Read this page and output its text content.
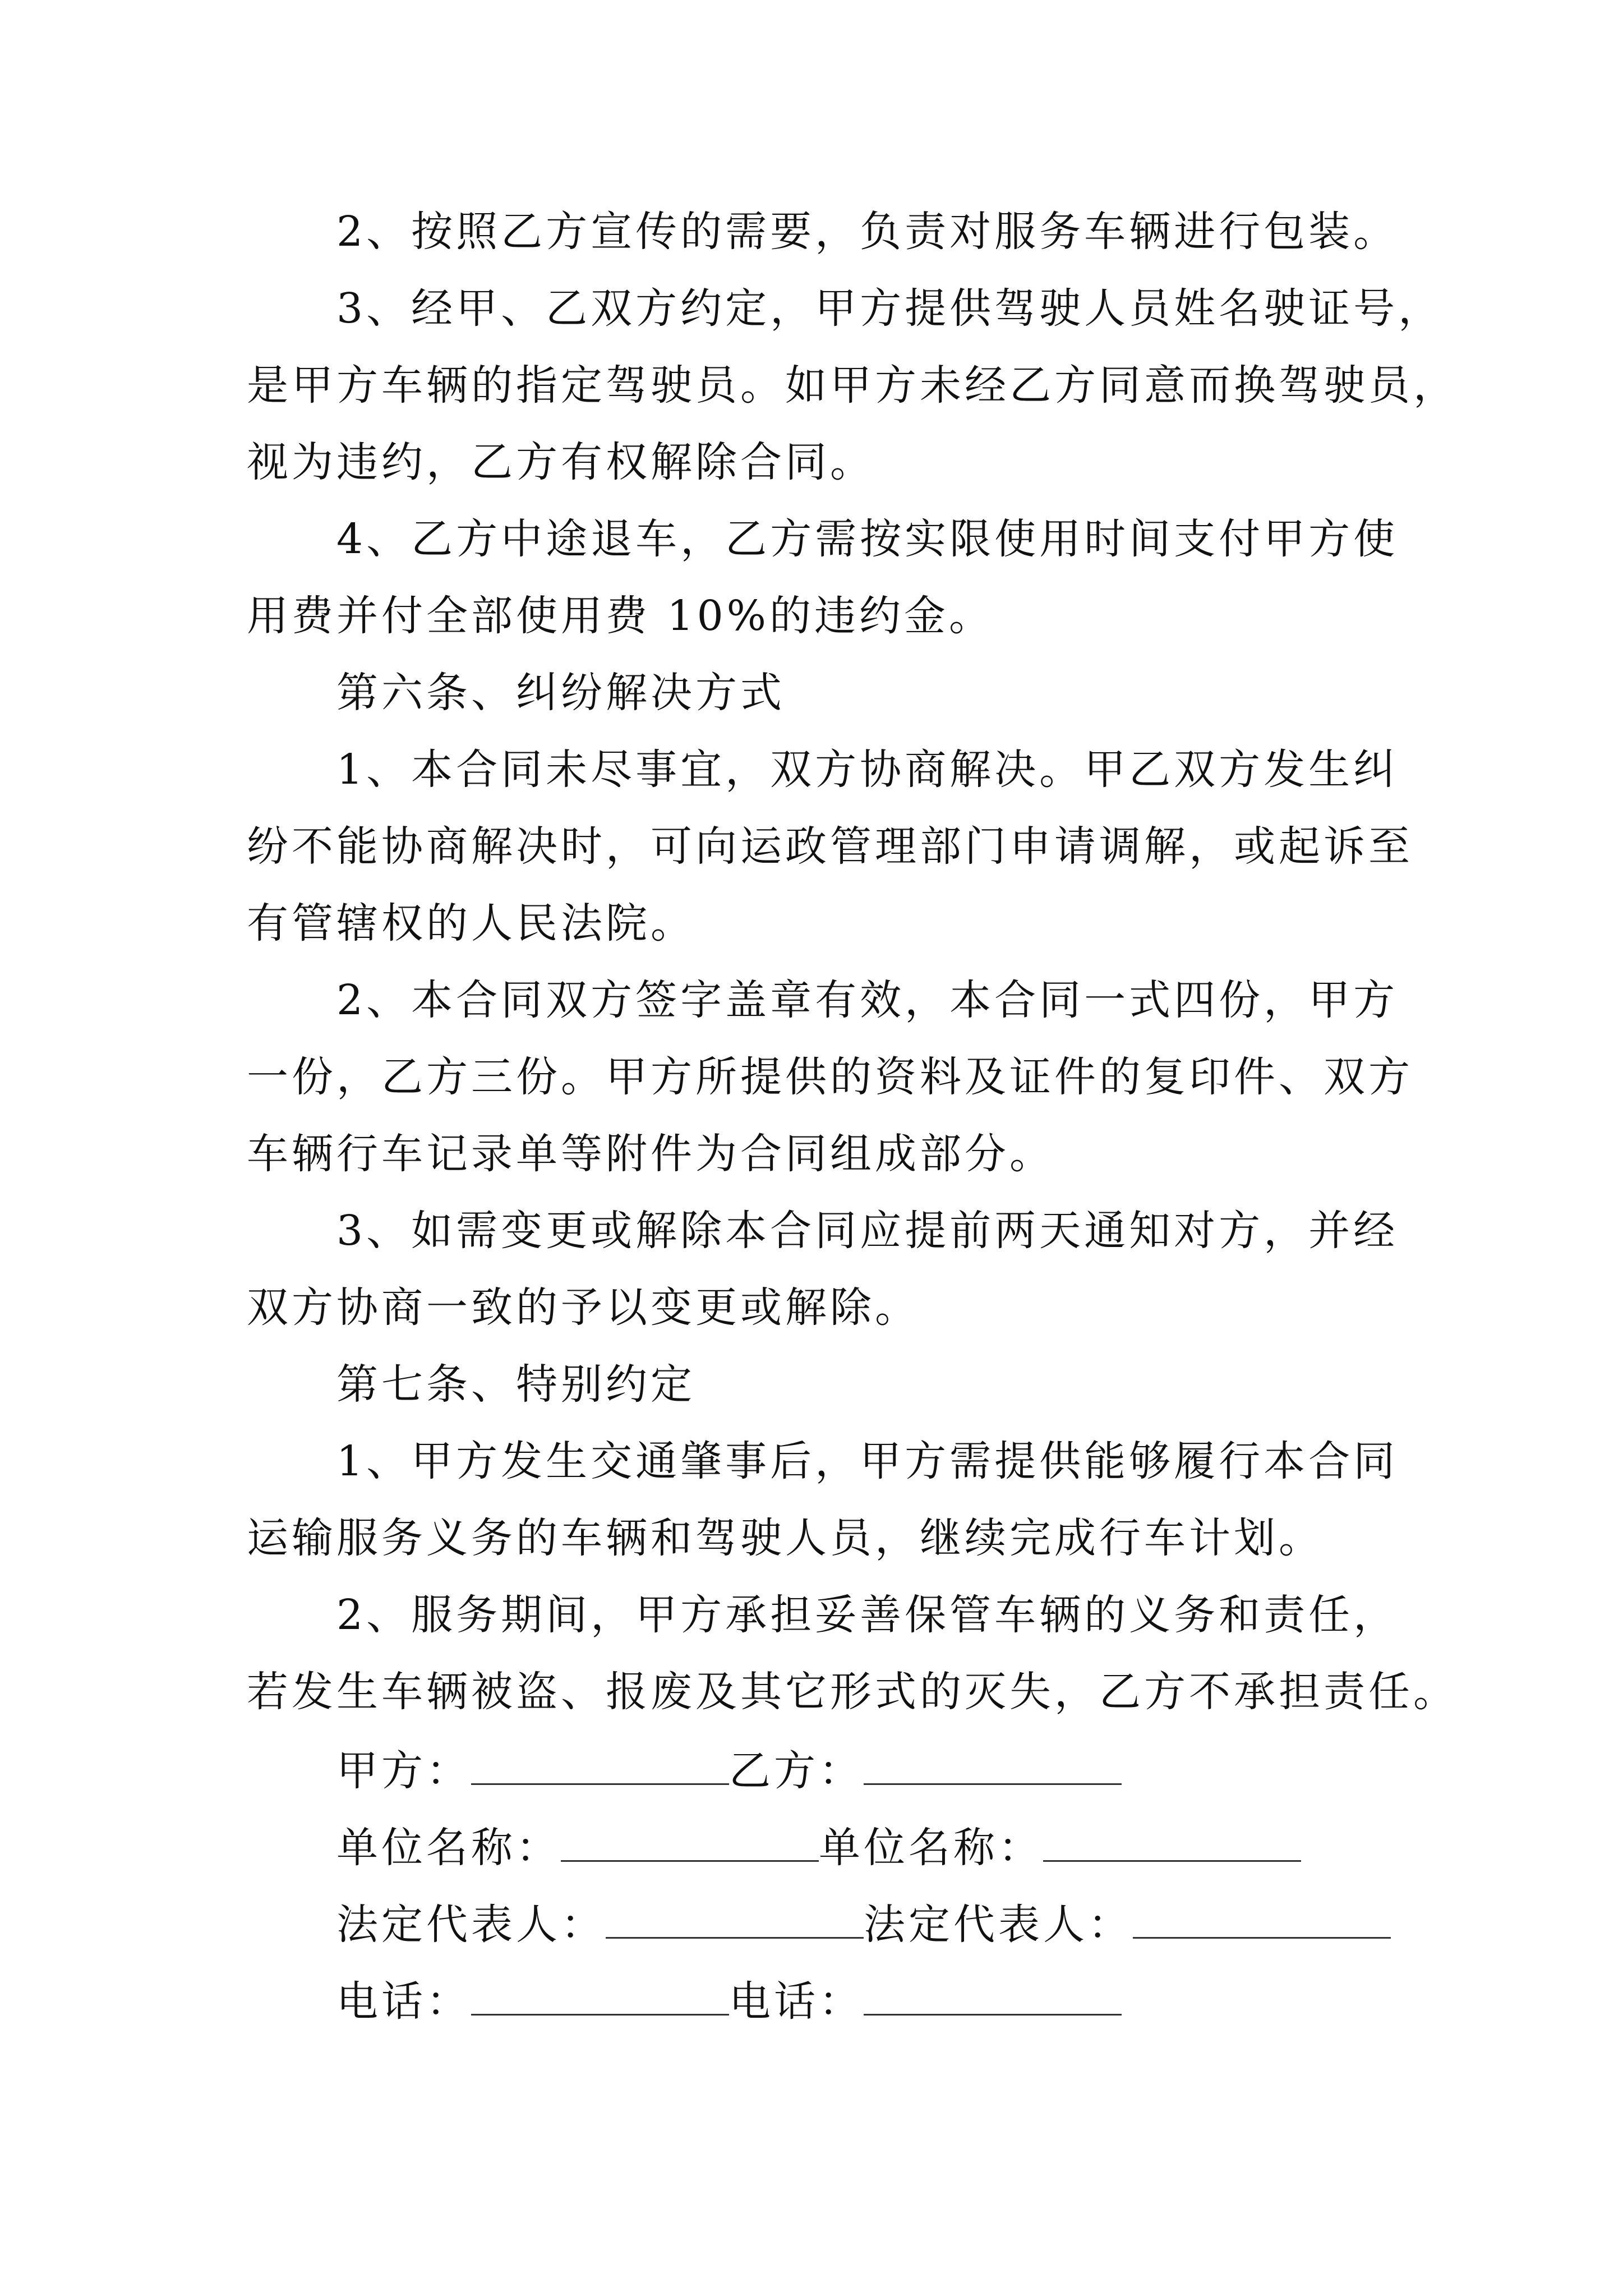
2、按照乙方宣传的需要，负责对服务车辆进行包装。
3、经甲、乙双方约定，甲方提供驾驶人员姓名驶证号，
是甲方车辆的指定驾驶员。如甲方未经乙方同意而换驾驶员，
视为违约，乙方有权解除合同。
4、乙方中途退车，乙方需按实限使用时间支付甲方使
用费并付全部使用费 10%的违约金。
第六条、纠纷解决方式
1、本合同未尽事宜，双方协商解决。甲乙双方发生纠
纷不能协商解决时，可向运政管理部门申请调解，或起诉至
有管辖权的人民法院。
2、本合同双方签字盖章有效，本合同一式四份，甲方
一份，乙方三份。甲方所提供的资料及证件的复印件、双方
车辆行车记录单等附件为合同组成部分。
3、如需变更或解除本合同应提前两天通知对方，并经
双方协商一致的予以变更或解除。
第七条、特别约定
1、甲方发生交通肇事后，甲方需提供能够履行本合同
运输服务义务的车辆和驾驶人员，继续完成行车计划。
2、服务期间，甲方承担妥善保管车辆的义务和责任，
若发生车辆被盗、报废及其它形式的灭失，乙方不承担责任。
甲方：	乙方：
单位名称：	单位名称：
法定代表人：	法定代表人：
电话：	电话：
